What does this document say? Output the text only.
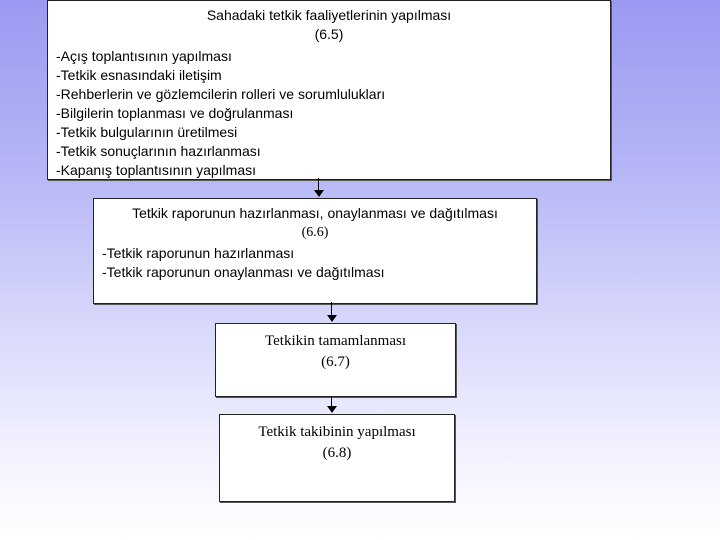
Sahadaki tetkik faaliyetlerinin yapılması
(6.5)
-Açış toplantısının yapılması
-Tetkik esnasındaki iletişim
-Rehberlerin ve gözlemcilerin rolleri ve sorumlulukları
-Bilgilerin toplanması ve doğrulanması
-Tetkik bulgularının üretilmesi
-Tetkik sonuçlarının hazırlanması
-Kapanış toplantısının yapılması
Tetkik raporunun hazırlanması, onaylanması ve dağıtılması
(6.6)
-Tetkik raporunun hazırlanması
-Tetkik raporunun onaylanması ve dağıtılması
Tetkikin tamamlanması
(6.7)
Tetkik takibinin yapılması
(6.8)
